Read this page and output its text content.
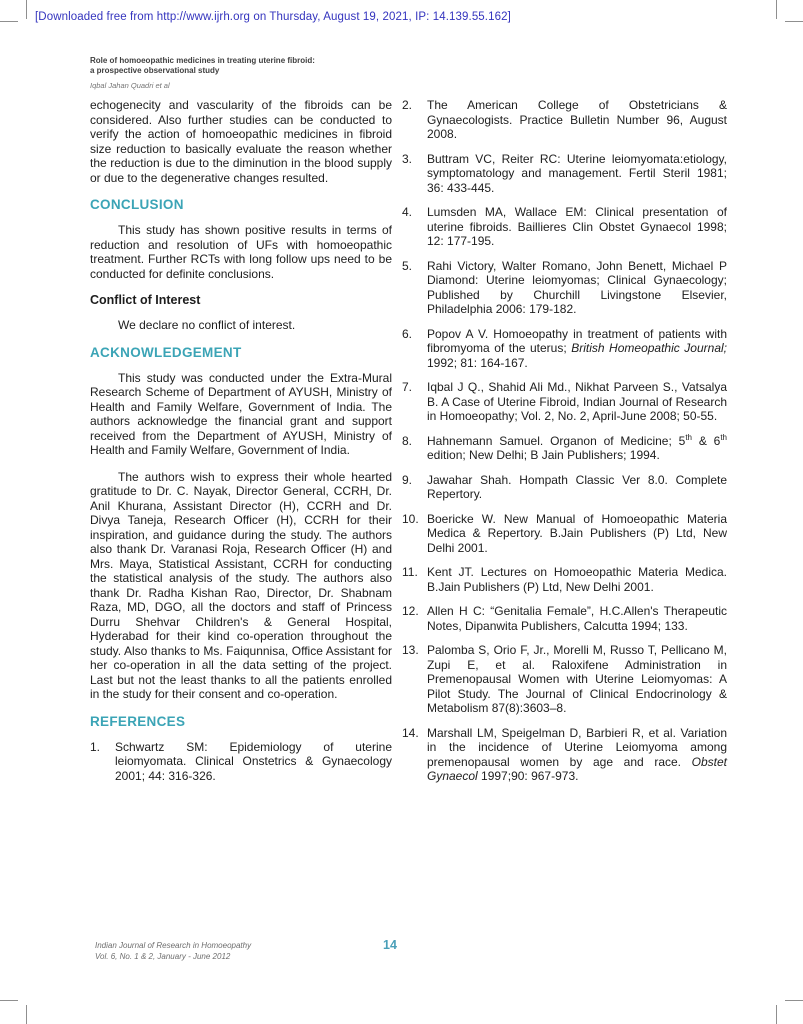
[Downloaded free from http://www.ijrh.org on Thursday, August 19, 2021, IP: 14.139.55.162]
Role of homoeopathic medicines in treating uterine fibroid:
a prospective observational study
Iqbal Jahan Quadri et al

echogenecity and vascularity of the fibroids can be considered. Also further studies can be conducted to verify the action of homoeopathic medicines in fibroid size reduction to basically evaluate the reason whether the reduction is due to the diminution in the blood supply or due to the degenerative changes resulted.

CONCLUSION

This study has shown positive results in terms of reduction and resolution of UFs with homoeopathic treatment. Further RCTs with long follow ups need to be conducted for definite conclusions.

Conflict of Interest

We declare no conflict of interest.

ACKNOWLEDGEMENT

This study was conducted under the Extra-Mural Research Scheme of Department of AYUSH, Ministry of Health and Family Welfare, Government of India. The authors acknowledge the financial grant and support received from the Department of AYUSH, Ministry of Health and Family Welfare, Government of India.

The authors wish to express their whole hearted gratitude to Dr. C. Nayak, Director General, CCRH, Dr. Anil Khurana, Assistant Director (H), CCRH and Dr. Divya Taneja, Research Officer (H), CCRH for their inspiration, and guidance during the study. The authors also thank Dr. Varanasi Roja, Research Officer (H) and Mrs. Maya, Statistical Assistant, CCRH for conducting the statistical analysis of the study. The authors also thank Dr. Radha Kishan Rao, Director, Dr. Shabnam Raza, MD, DGO, all the doctors and staff of Princess Durru Shehvar Children's & General Hospital, Hyderabad for their kind co-operation throughout the study. Also thanks to Ms. Faiqunnisa, Office Assistant for her co-operation in all the data setting of the project. Last but not the least thanks to all the patients enrolled in the study for their consent and co-operation.

REFERENCES
1.	Schwartz SM: Epidemiology of uterine leiomyomata. Clinical Onstetrics & Gynaecology 2001; 44: 316-326.
2.	The American College of Obstetricians & Gynaecologists. Practice Bulletin Number 96, August 2008.
3.	Buttram VC, Reiter RC: Uterine leiomyomata:etiology, symptomatology and management. Fertil Steril 1981; 36: 433-445.
4.	Lumsden MA, Wallace EM: Clinical presentation of uterine fibroids. Baillieres Clin Obstet Gynaecol 1998; 12: 177-195.
5.	Rahi Victory, Walter Romano, John Benett, Michael P Diamond: Uterine leiomyomas; Clinical Gynaecology; Published by Churchill Livingstone Elsevier, Philadelphia 2006: 179-182.
6.	Popov A V. Homoeopathy in treatment of patients with fibromyoma of the uterus; British Homeopathic Journal; 1992; 81: 164-167.
7.	Iqbal J Q., Shahid Ali Md., Nikhat Parveen S., Vatsalya B. A Case of Uterine Fibroid, Indian Journal of Research in Homoeopathy; Vol. 2, No. 2, April-June 2008; 50-55.
8.	Hahnemann Samuel. Organon of Medicine; 5th & 6th edition; New Delhi; B Jain Publishers; 1994.
9.	Jawahar Shah. Hompath Classic Ver 8.0. Complete Repertory.
10. Boericke W. New Manual of Homoeopathic Materia Medica & Repertory. B.Jain Publishers (P) Ltd, New Delhi 2001.
11. Kent JT. Lectures on Homoeopathic Materia Medica. B.Jain Publishers (P) Ltd, New Delhi 2001.
12. Allen H C: “Genitalia Female”, H.C.Allen's Therapeutic Notes, Dipanwita Publishers, Calcutta 1994; 133.
13. Palomba S, Orio F, Jr., Morelli M, Russo T, Pellicano M, Zupi E, et al. Raloxifene Administration in Premenopausal Women with Uterine Leiomyomas: A Pilot Study. The Journal of Clinical Endocrinology & Metabolism 87(8):3603–8.
14. Marshall LM, Speigelman D, Barbieri R, et al. Variation in the incidence of Uterine Leiomyoma among premenopausal women by age and race. Obstet Gynaecol 1997;90: 967-973.
Indian Journal of Research in Homoeopathy
Vol. 6, No. 1 & 2, January - June 2012
14
